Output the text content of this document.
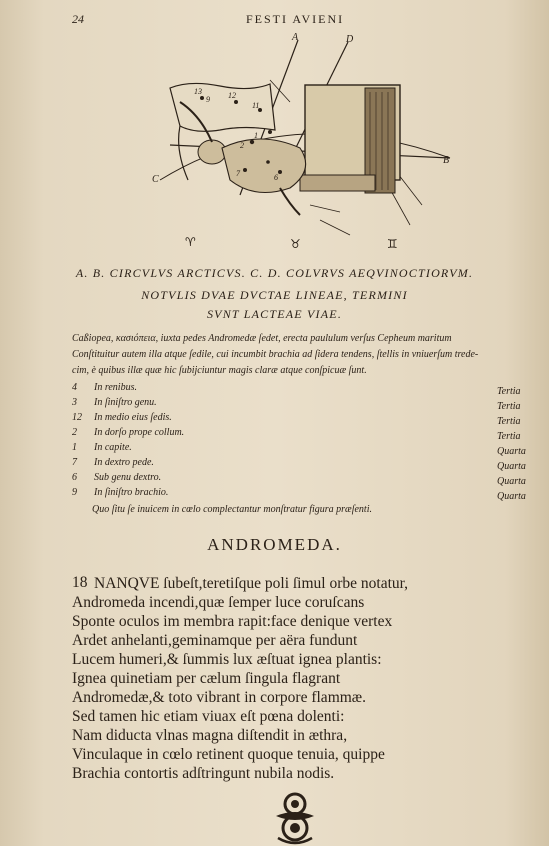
24	FESTI AVIENI
13
9 12
2
1
7	6
11
A	D
B
C
♈	♉	♊
A. B. CIRCVLVS ARCTICVS. C. D. COLVRVS AEQVINOCTIORVM.
NOTVLIS DVAE DVCTAE LINEAE, TERMINI
SVNT LACTEAE VIAE.
Caßiopea, κασιόπεια, iuxta pedes Andromedæ ſedet, erecta paululum verſus Cepheum maritum
Conſtituitur autem illa atque ſedile, cui incumbit brachia ad ſidera tendens, ſtellis in vniuerſum trede-
cim, è quibus illæ quæ hic ſubijciuntur magis claræ atque conſpicuæ ſunt.
4 In renibus.	Tertia
3 In ſiniſtro genu.	Tertia
12 In medio eius ſedis.	Tertia
2 In dorſo prope collum.	Tertia
1 In capite.	Quarta
7 In dextro pede.	Quarta
6 Sub genu dextro.	Quarta
9 In ſiniſtro brachio.	Quarta
Quo ſitu ſe inuicem in cœlo complectantur monſtratur figura præſenti.
ANDROMEDA.
18 NANQVE ſubeſt,teretiſque poli ſimul orbe notatur,
Andromeda incendi,quæ ſemper luce coruſcans
Sponte oculos im membra rapit:face denique vertex
Ardet anhelanti,geminamque per aëra fundunt
Lucem humeri,& ſummis lux æſtuat ignea plantis:
Ignea quinetiam per cælum ſingula flagrant
Andromedæ,& toto vibrant in corpore flammæ.
Sed tamen hic etiam viuax eſt pœna dolenti:
Nam diducta vlnas magna diſtendit in æthra,
Vinculaque in cœlo retinent quoque tenuia, quippe
Brachia contortis adſtringunt nubila nodis.
